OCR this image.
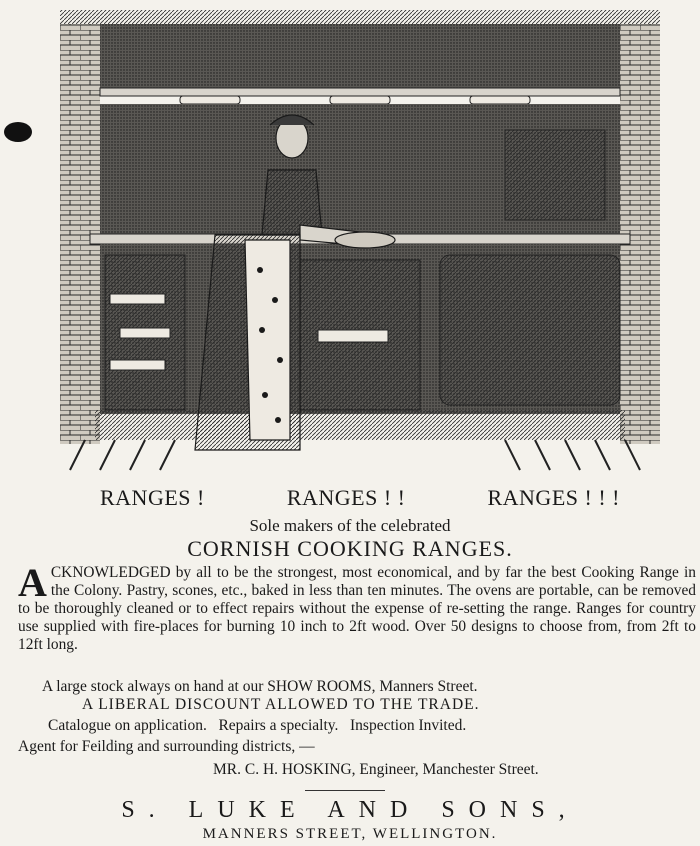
RANGES !	RANGES ! !	RANGES ! ! !
Sole makers of the celebrated
CORNISH COOKING RANGES.
A CKNOWLEDGED by all to be the strongest, most economical, and by far the best Cooking Range in the Colony. Pastry, scones, etc., baked in less than ten minutes. The ovens are portable, can be removed to be thoroughly cleaned or to effect repairs without the expense of re-setting the range. Ranges for country use supplied with fire-places for burning 10 inch to 2ft wood. Over 50 designs to choose from, from 2ft to 12ft long.
A large stock always on hand at our SHOW ROOMS, Manners Street.
A LIBERAL DISCOUNT ALLOWED TO THE TRADE.
Catalogue on application.   Repairs a specialty.   Inspection Invited.
Agent for Feilding and surrounding districts, —
MR. C. H. HOSKING, Engineer, Manchester Street.
S. LUKE AND SONS,
MANNERS STREET, WELLINGTON.
